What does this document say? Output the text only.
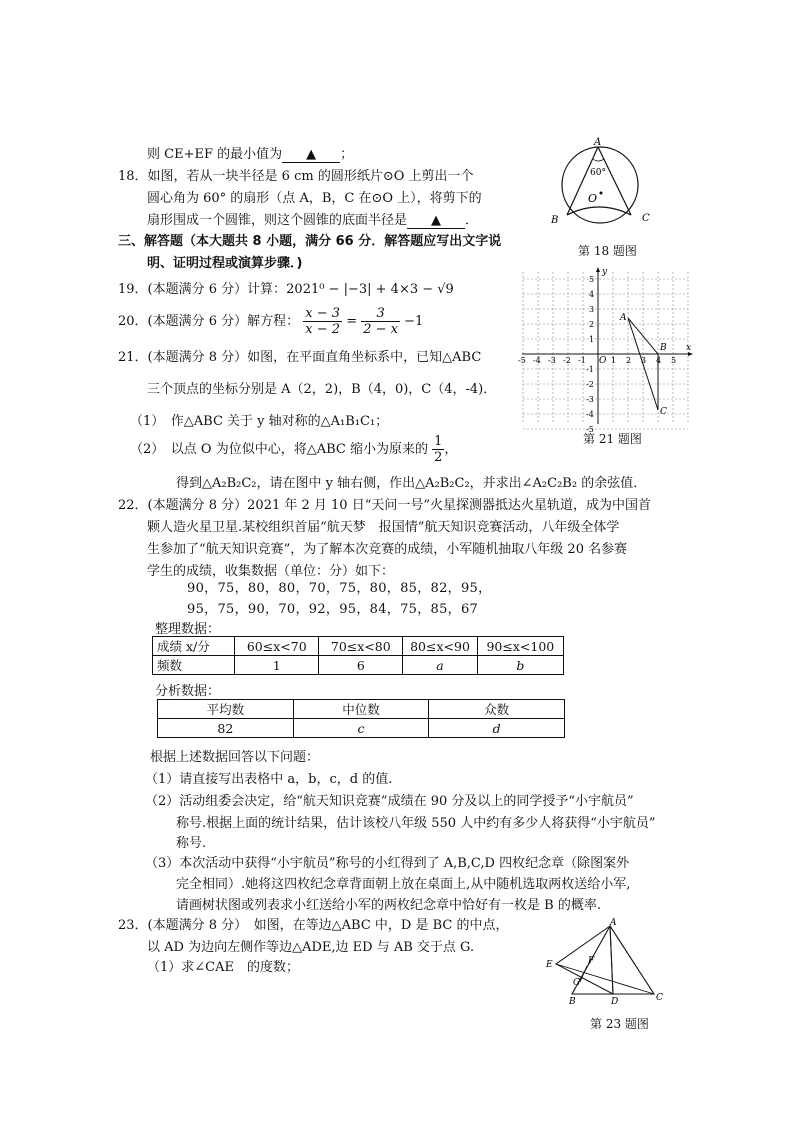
则 CE+EF 的最小值为 ▲ ；
18．如图，若从一块半径是 6 cm 的圆形纸片⊙O 上剪出一个
圆心角为 60° 的扇形（点 A，B，C 在⊙O 上），将剪下的
扇形围成一个圆锥，则这个圆锥的底面半径是 ▲ ．
A
B	C
O
60°
第 18 题图
三、解答题（本大题共 8 小题，满分 66 分．解答题应写出文字说
明、证明过程或演算步骤．)
19．(本题满分 6 分）计算：2021⁰ − |−3| + 4×3 − √9
20．(本题满分 6 分）解方程： $\frac{x - 3}{x - 2} = \frac{3}{2 - x} -1$
21．(本题满分 8 分）如图，在平面直角坐标系中，已知△ABC
三个顶点的坐标分别是 A（2，2)，B（4，0)，C（4，-4)．
（1）　作△ABC 关于 y 轴对称的△A₁B₁C₁；
（2）　以点 O 为位似中心，将△ABC 缩小为原来的 $\frac{1}{2}$ ，
得到△A₂B₂C₂，请在图中 y 轴右侧，作出△A₂B₂C₂，并求出∠A₂C₂B₂ 的余弦值．
x
y
O
A
B
C
-5 -4 -3 -2 -1	1 2 3 4 5
5
4
3
2
1
-1
-2
-3
-4
-5
第 21 题图
22．(本题满分 8 分）2021 年 2 月 10 日“天问一号”火星探测器抵达火星轨道，成为中国首
颗人造火星卫星.某校组织首届“航天梦　报国情”航天知识竞赛活动，八年级全体学
生参加了“航天知识竞赛”，为了解本次竞赛的成绩，小军随机抽取八年级 20 名参赛
学生的成绩，收集数据（单位：分）如下：
90，75，80，80，70，75，80，85，82，95，
95，75，90，70，92，95，84，75，85，67
整理数据：
成绩 x/分	60≤x<70	70≤x<80	80≤x<90	90≤x<100
频数	1	6	a	b
分析数据：
平均数	中位数	众数
82	c	d
根据上述数据回答以下问题：
（1）请直接写出表格中 a，b，c，d 的值.
（2）活动组委会决定，给“航天知识竞赛”成绩在 90 分及以上的同学授予“小宇航员”
称号.根据上面的统计结果，估计该校八年级 550 人中约有多少人将获得“小宇航员”
称号.
（3）本次活动中获得“小宇航员”称号的小红得到了 A,B,C,D 四枚纪念章（除图案外
完全相同）.她将这四枚纪念章背面朝上放在桌面上,从中随机选取两枚送给小军,
请画树状图或列表求小红送给小军的两枚纪念章中恰好有一枚是 B 的概率.
23．(本题满分 8 分）　如图，在等边△ABC 中，D 是 BC 的中点，
以 AD 为边向左侧作等边△ADE,边 ED 与 AB 交于点 G.
（1）求∠CAE　的度数；
A
E	F
G
B	D	C
第 23 题图
